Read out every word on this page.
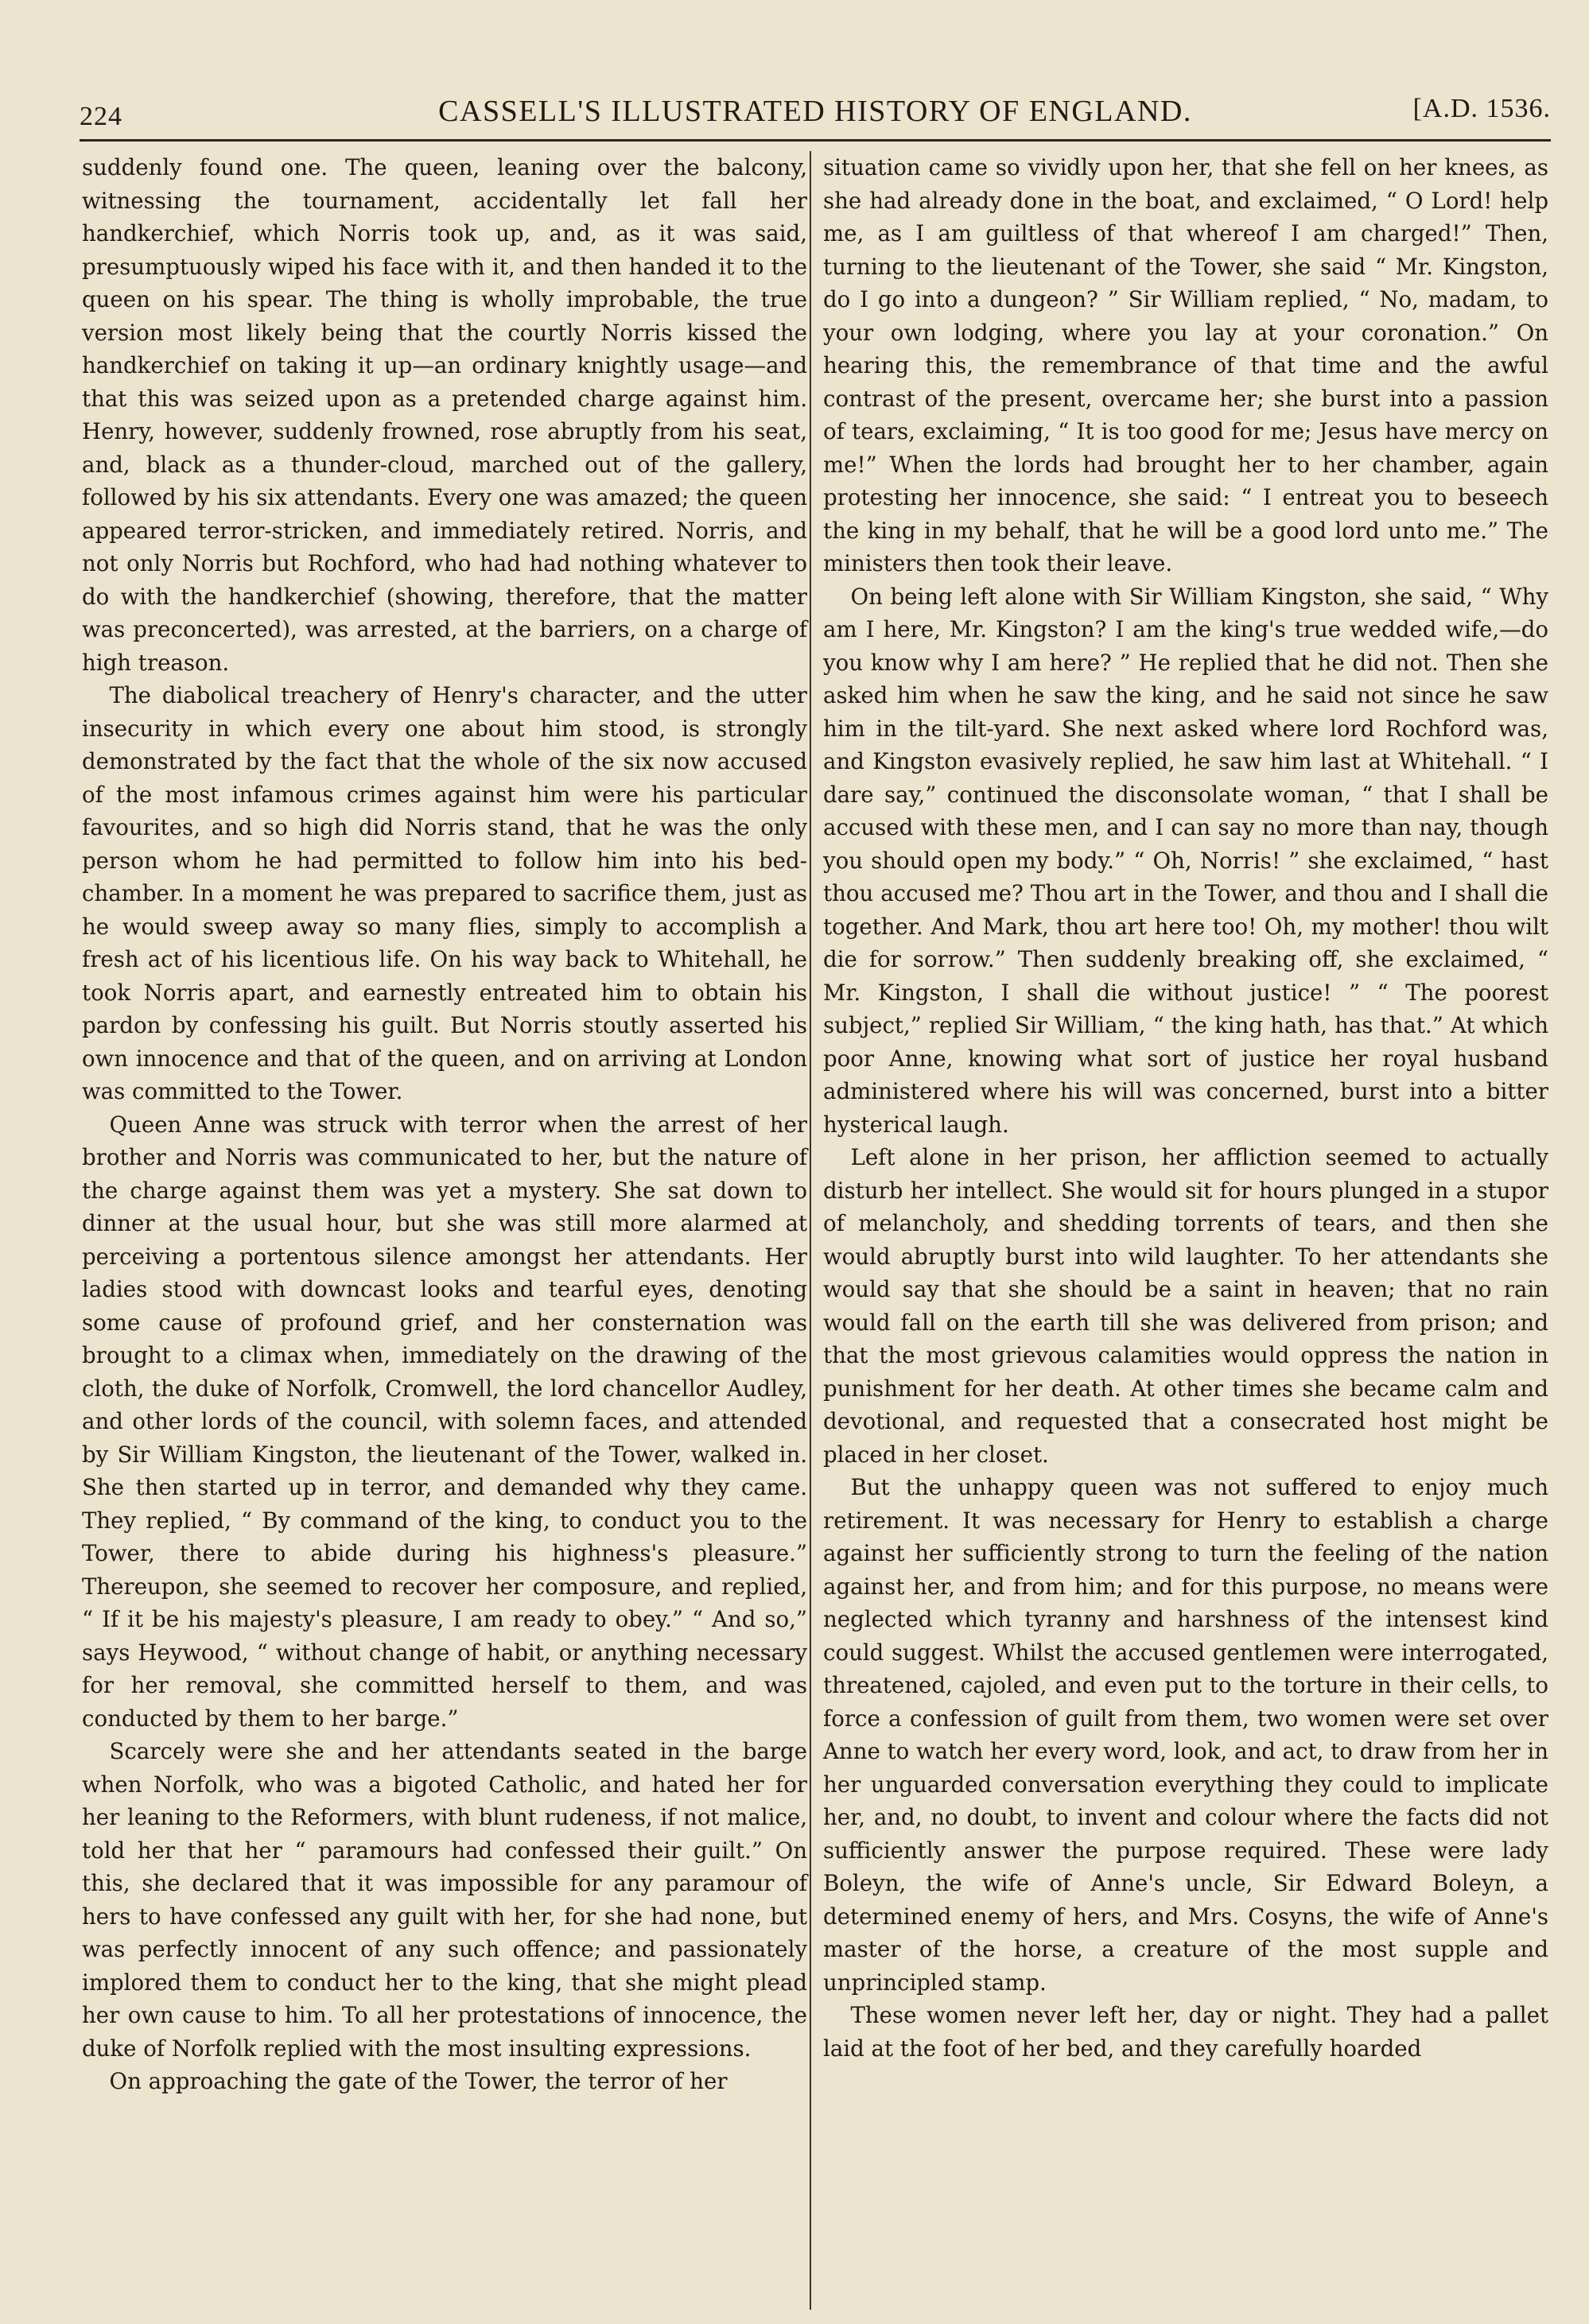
224	CASSELL'S ILLUSTRATED HISTORY OF ENGLAND.	[A.D. 1536.

suddenly found one. The queen, leaning over the balcony, witnessing the tournament, accidentally let fall her handkerchief, which Norris took up, and, as it was said, presumptuously wiped his face with it, and then handed it to the queen on his spear. The thing is wholly improbable, the true version most likely being that the courtly Norris kissed the handkerchief on taking it up—an ordinary knightly usage—and that this was seized upon as a pretended charge against him. Henry, however, suddenly frowned, rose abruptly from his seat, and, black as a thunder-cloud, marched out of the gallery, followed by his six attendants. Every one was amazed; the queen appeared terror-stricken, and immediately retired. Norris, and not only Norris but Rochford, who had had nothing whatever to do with the handkerchief (showing, therefore, that the matter was preconcerted), was arrested, at the barriers, on a charge of high treason.

The diabolical treachery of Henry's character, and the utter insecurity in which every one about him stood, is strongly demonstrated by the fact that the whole of the six now accused of the most infamous crimes against him were his particular favourites, and so high did Norris stand, that he was the only person whom he had permitted to follow him into his bed-chamber. In a moment he was prepared to sacrifice them, just as he would sweep away so many flies, simply to accomplish a fresh act of his licentious life. On his way back to Whitehall, he took Norris apart, and earnestly entreated him to obtain his pardon by confessing his guilt. But Norris stoutly asserted his own innocence and that of the queen, and on arriving at London was committed to the Tower.

Queen Anne was struck with terror when the arrest of her brother and Norris was communicated to her, but the nature of the charge against them was yet a mystery. She sat down to dinner at the usual hour, but she was still more alarmed at perceiving a portentous silence amongst her attendants. Her ladies stood with downcast looks and tearful eyes, denoting some cause of profound grief, and her consternation was brought to a climax when, immediately on the drawing of the cloth, the duke of Norfolk, Cromwell, the lord chancellor Audley, and other lords of the council, with solemn faces, and attended by Sir William Kingston, the lieutenant of the Tower, walked in. She then started up in terror, and demanded why they came. They replied, “ By command of the king, to conduct you to the Tower, there to abide during his highness's pleasure.” Thereupon, she seemed to recover her composure, and replied, “ If it be his majesty's pleasure, I am ready to obey.” “ And so,” says Heywood, “ without change of habit, or anything necessary for her removal, she committed herself to them, and was conducted by them to her barge.”

Scarcely were she and her attendants seated in the barge when Norfolk, who was a bigoted Catholic, and hated her for her leaning to the Reformers, with blunt rudeness, if not malice, told her that her “ paramours had confessed their guilt.” On this, she declared that it was impossible for any paramour of hers to have confessed any guilt with her, for she had none, but was perfectly innocent of any such offence; and passionately implored them to conduct her to the king, that she might plead her own cause to him. To all her protestations of innocence, the duke of Norfolk replied with the most insulting expressions.

On approaching the gate of the Tower, the terror of her

situation came so vividly upon her, that she fell on her knees, as she had already done in the boat, and exclaimed, “ O Lord! help me, as I am guiltless of that whereof I am charged!” Then, turning to the lieutenant of the Tower, she said “ Mr. Kingston, do I go into a dungeon? ” Sir William replied, “ No, madam, to your own lodging, where you lay at your coronation.” On hearing this, the remembrance of that time and the awful contrast of the present, overcame her; she burst into a passion of tears, exclaiming, “ It is too good for me; Jesus have mercy on me!” When the lords had brought her to her chamber, again protesting her innocence, she said: “ I entreat you to beseech the king in my behalf, that he will be a good lord unto me.” The ministers then took their leave.

On being left alone with Sir William Kingston, she said, “ Why am I here, Mr. Kingston? I am the king's true wedded wife,—do you know why I am here? ” He replied that he did not. Then she asked him when he saw the king, and he said not since he saw him in the tilt-yard. She next asked where lord Rochford was, and Kingston evasively replied, he saw him last at Whitehall. “ I dare say,” continued the disconsolate woman, “ that I shall be accused with these men, and I can say no more than nay, though you should open my body.” “ Oh, Norris! ” she exclaimed, “ hast thou accused me? Thou art in the Tower, and thou and I shall die together. And Mark, thou art here too! Oh, my mother! thou wilt die for sorrow.” Then suddenly breaking off, she exclaimed, “ Mr. Kingston, I shall die without justice! ” “ The poorest subject,” replied Sir William, “ the king hath, has that.” At which poor Anne, knowing what sort of justice her royal husband administered where his will was concerned, burst into a bitter hysterical laugh.

Left alone in her prison, her affliction seemed to actually disturb her intellect. She would sit for hours plunged in a stupor of melancholy, and shedding torrents of tears, and then she would abruptly burst into wild laughter. To her attendants she would say that she should be a saint in heaven; that no rain would fall on the earth till she was delivered from prison; and that the most grievous calamities would oppress the nation in punishment for her death. At other times she became calm and devotional, and requested that a consecrated host might be placed in her closet.

But the unhappy queen was not suffered to enjoy much retirement. It was necessary for Henry to establish a charge against her sufficiently strong to turn the feeling of the nation against her, and from him; and for this purpose, no means were neglected which tyranny and harshness of the intensest kind could suggest. Whilst the accused gentlemen were interrogated, threatened, cajoled, and even put to the torture in their cells, to force a confession of guilt from them, two women were set over Anne to watch her every word, look, and act, to draw from her in her unguarded conversation everything they could to implicate her, and, no doubt, to invent and colour where the facts did not sufficiently answer the purpose required. These were lady Boleyn, the wife of Anne's uncle, Sir Edward Boleyn, a determined enemy of hers, and Mrs. Cosyns, the wife of Anne's master of the horse, a creature of the most supple and unprincipled stamp.

These women never left her, day or night. They had a pallet laid at the foot of her bed, and they carefully hoarded
